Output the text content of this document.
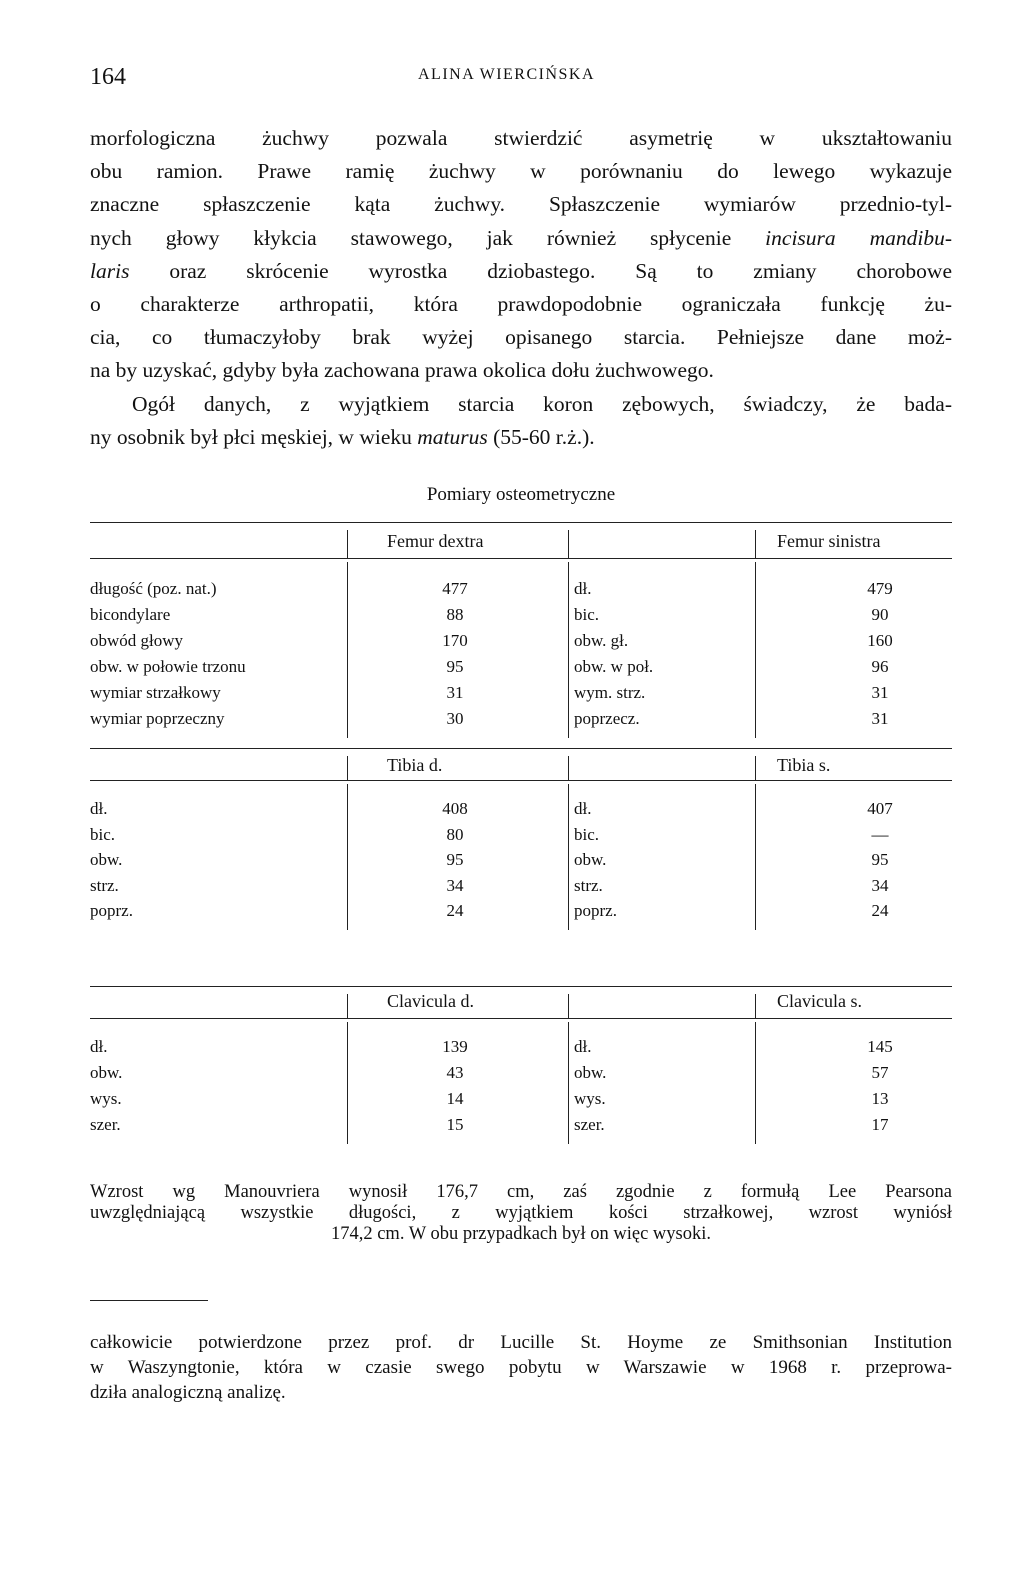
164	ALINA WIERCIŃSKA
morfologiczna żuchwy pozwala stwierdzić asymetrię w ukształtowaniu
obu ramion. Prawe ramię żuchwy w porównaniu do lewego wykazuje
znaczne spłaszczenie kąta żuchwy. Spłaszczenie wymiarów przednio-tyl-
nych głowy kłykcia stawowego, jak również spłycenie incisura mandibu-
laris oraz skrócenie wyrostka dziobastego. Są to zmiany chorobowe
o charakterze arthropatii, która prawdopodobnie ograniczała funkcję żu-
cia, co tłumaczyłoby brak wyżej opisanego starcia. Pełniejsze dane moż-
na by uzyskać, gdyby była zachowana prawa okolica dołu żuchwowego.
Ogół danych, z wyjątkiem starcia koron zębowych, świadczy, że bada-
ny osobnik był płci męskiej, w wieku maturus (55-60 r.ż.).
Pomiary osteometryczne
Femur dextra	Femur sinistra
długość (poz. nat.)	477	dł.	479
bicondylare	88	bic.	90
obwód głowy	170	obw. gł.	160
obw. w połowie trzonu	95	obw. w poł.	96
wymiar strzałkowy	31	wym. strz.	31
wymiar poprzeczny	30	poprzecz.	31
Tibia d.	Tibia s.
dł.	408	dł.	407
bic.	80	bic.	—
obw.	95	obw.	95
strz.	34	strz.	34
poprz.	24	poprz.	24
Clavicula d.	Clavicula s.
dł.	139	dł.	145
obw.	43	obw.	57
wys.	14	wys.	13
szer.	15	szer.	17
Wzrost wg Manouvriera wynosił 176,7 cm, zaś zgodnie z formułą Lee Pearsona
uwzględniającą wszystkie długości, z wyjątkiem kości strzałkowej, wzrost wyniósł
174,2 cm. W obu przypadkach był on więc wysoki.
całkowicie potwierdzone przez prof. dr Lucille St. Hoyme ze Smithsonian Institution
w Waszyngtonie, która w czasie swego pobytu w Warszawie w 1968 r. przeprowa-
dziła analogiczną analizę.
